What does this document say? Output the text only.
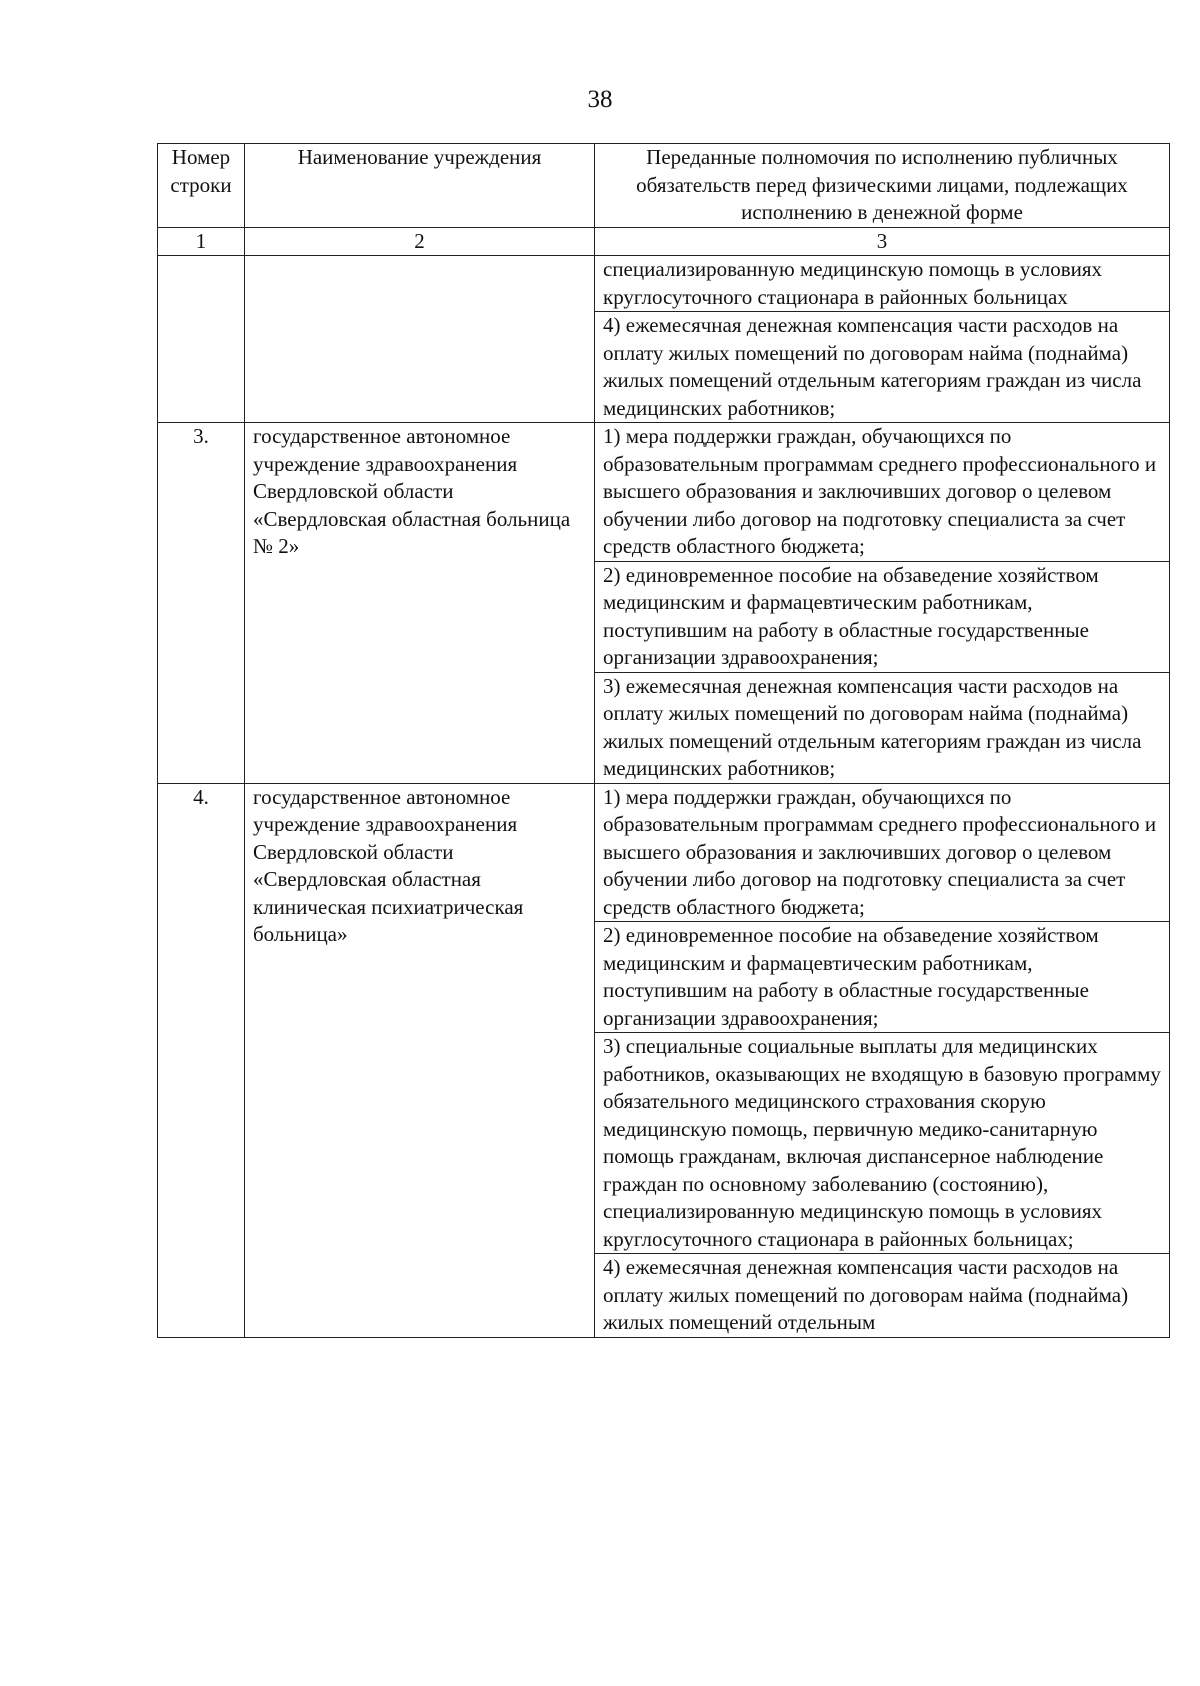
38
Номер строки	Наименование учреждения	Переданные полномочия по исполнению публичных обязательств перед физическими лицами, подлежащих исполнению в денежной форме
1	2	3
		специализированную медицинскую помощь в условиях круглосуточного стационара в районных больницах
		4) ежемесячная денежная компенсация части расходов на оплату жилых помещений по договорам найма (поднайма) жилых помещений отдельным категориям граждан из числа медицинских работников;
3.	государственное автономное учреждение здравоохранения Свердловской области «Свердловская областная больница № 2»	1) мера поддержки граждан, обучающихся по образовательным программам среднего профессионального и высшего образования и заключивших договор о целевом обучении либо договор на подготовку специалиста за счет средств областного бюджета;
		2) единовременное пособие на обзаведение хозяйством медицинским и фармацевтическим работникам, поступившим на работу в областные государственные организации здравоохранения;
		3) ежемесячная денежная компенсация части расходов на оплату жилых помещений по договорам найма (поднайма) жилых помещений отдельным категориям граждан из числа медицинских работников;
4.	государственное автономное учреждение здравоохранения Свердловской области «Свердловская областная клиническая психиатрическая больница»	1) мера поддержки граждан, обучающихся по образовательным программам среднего профессионального и высшего образования и заключивших договор о целевом обучении либо договор на подготовку специалиста за счет средств областного бюджета;
		2) единовременное пособие на обзаведение хозяйством медицинским и фармацевтическим работникам, поступившим на работу в областные государственные организации здравоохранения;
		3) специальные социальные выплаты для медицинских работников, оказывающих не входящую в базовую программу обязательного медицинского страхования скорую медицинскую помощь, первичную медико-санитарную помощь гражданам, включая диспансерное наблюдение граждан по основному заболеванию (состоянию), специализированную медицинскую помощь в условиях круглосуточного стационара в районных больницах;
		4) ежемесячная денежная компенсация части расходов на оплату жилых помещений по договорам найма (поднайма) жилых помещений отдельным
